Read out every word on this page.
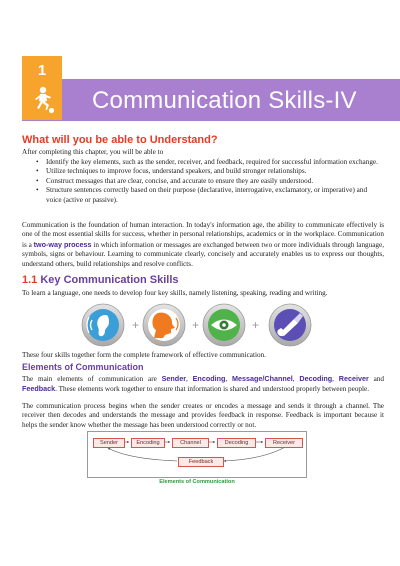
1
Communication Skills-IV
What will you be able to Understand?

After completing this chapter, you will be able to

• Identify the key elements, such as the sender, receiver, and feedback, required for successful information exchange.
• Utilize techniques to improve focus, understand speakers, and build stronger relationships.
• Construct messages that are clear, concise, and accurate to ensure they are easily understood.
• Structure sentences correctly based on their purpose (declarative, interrogative, exclamatory, or imperative) and voice (active or passive).

Communication is the foundation of human interaction. In today's information age, the ability to communicate effectively is one of the most essential skills for success, whether in personal relationships, academics or in the workplace. Communication is a two-way process in which information or messages are exchanged between two or more individuals through language, symbols, signs or behaviour. Learning to communicate clearly, concisely and accurately enables us to express our thoughts, understand others, build relationships and resolve conflicts.

1.1 Key Communication Skills

To learn a language, one needs to develop four key skills, namely listening, speaking, reading and writing.

+	+	+

These four skills together form the complete framework of effective communication.

Elements of Communication

The main elements of communication are Sender, Encoding, Message/Channel, Decoding, Receiver and Feedback. These elements work together to ensure that information is shared and understood properly between people.

The communication process begins when the sender creates or encodes a message and sends it through a channel. The receiver then decodes and understands the message and provides feedback in response. Feedback is important because it helps the sender know whether the message has been understood correctly or not.

Sender	Encoding	Channel	Decoding	Receiver
Feedback
Elements of Communication
